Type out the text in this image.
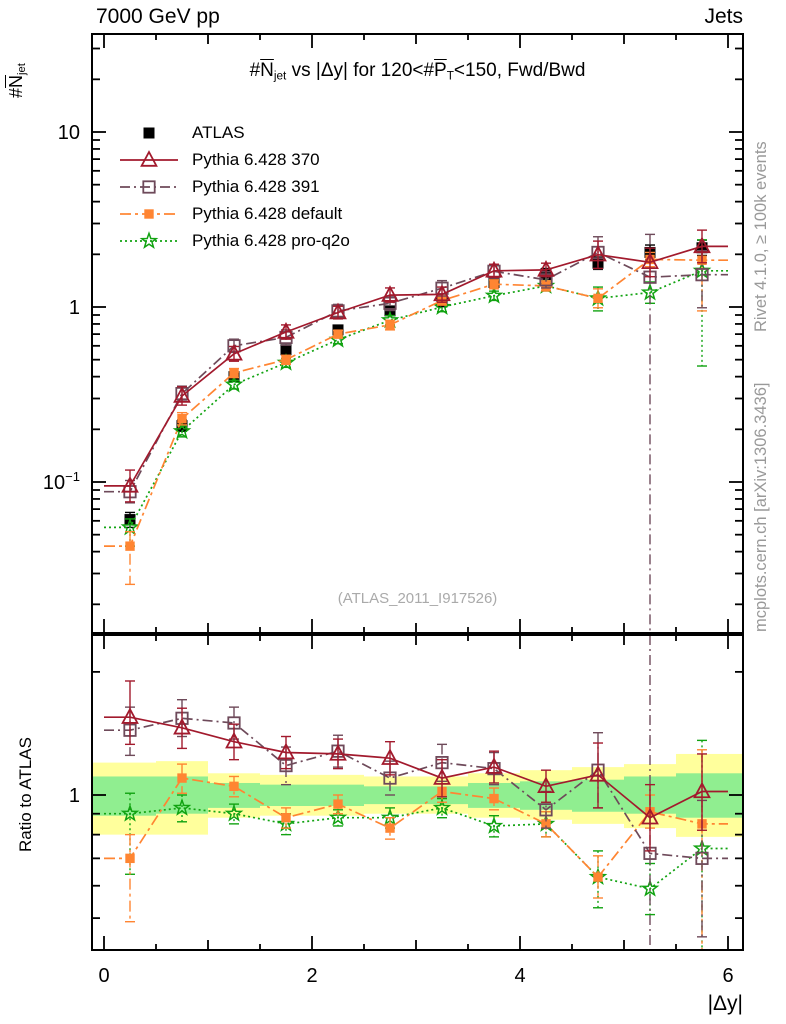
0	2	4	6
10
1
$10^{-1}$
1
7000 GeV pp	Jets
$\#\overline{N}jet$ vs |Δy| for $120<\#\overline{P}T<150$, Fwd/Bwd
ATLAS
Pythia 6.428 370
Pythia 6.428 391
Pythia 6.428 default
Pythia 6.428 pro-q2o
(ATLAS_2011_I917526)
$\#\overline{N}jet$
Ratio to ATLAS
Rivet 4.1.0, ≥ 100k events
mcplots.cern.ch [arXiv:1306.3436]
|Δy|
